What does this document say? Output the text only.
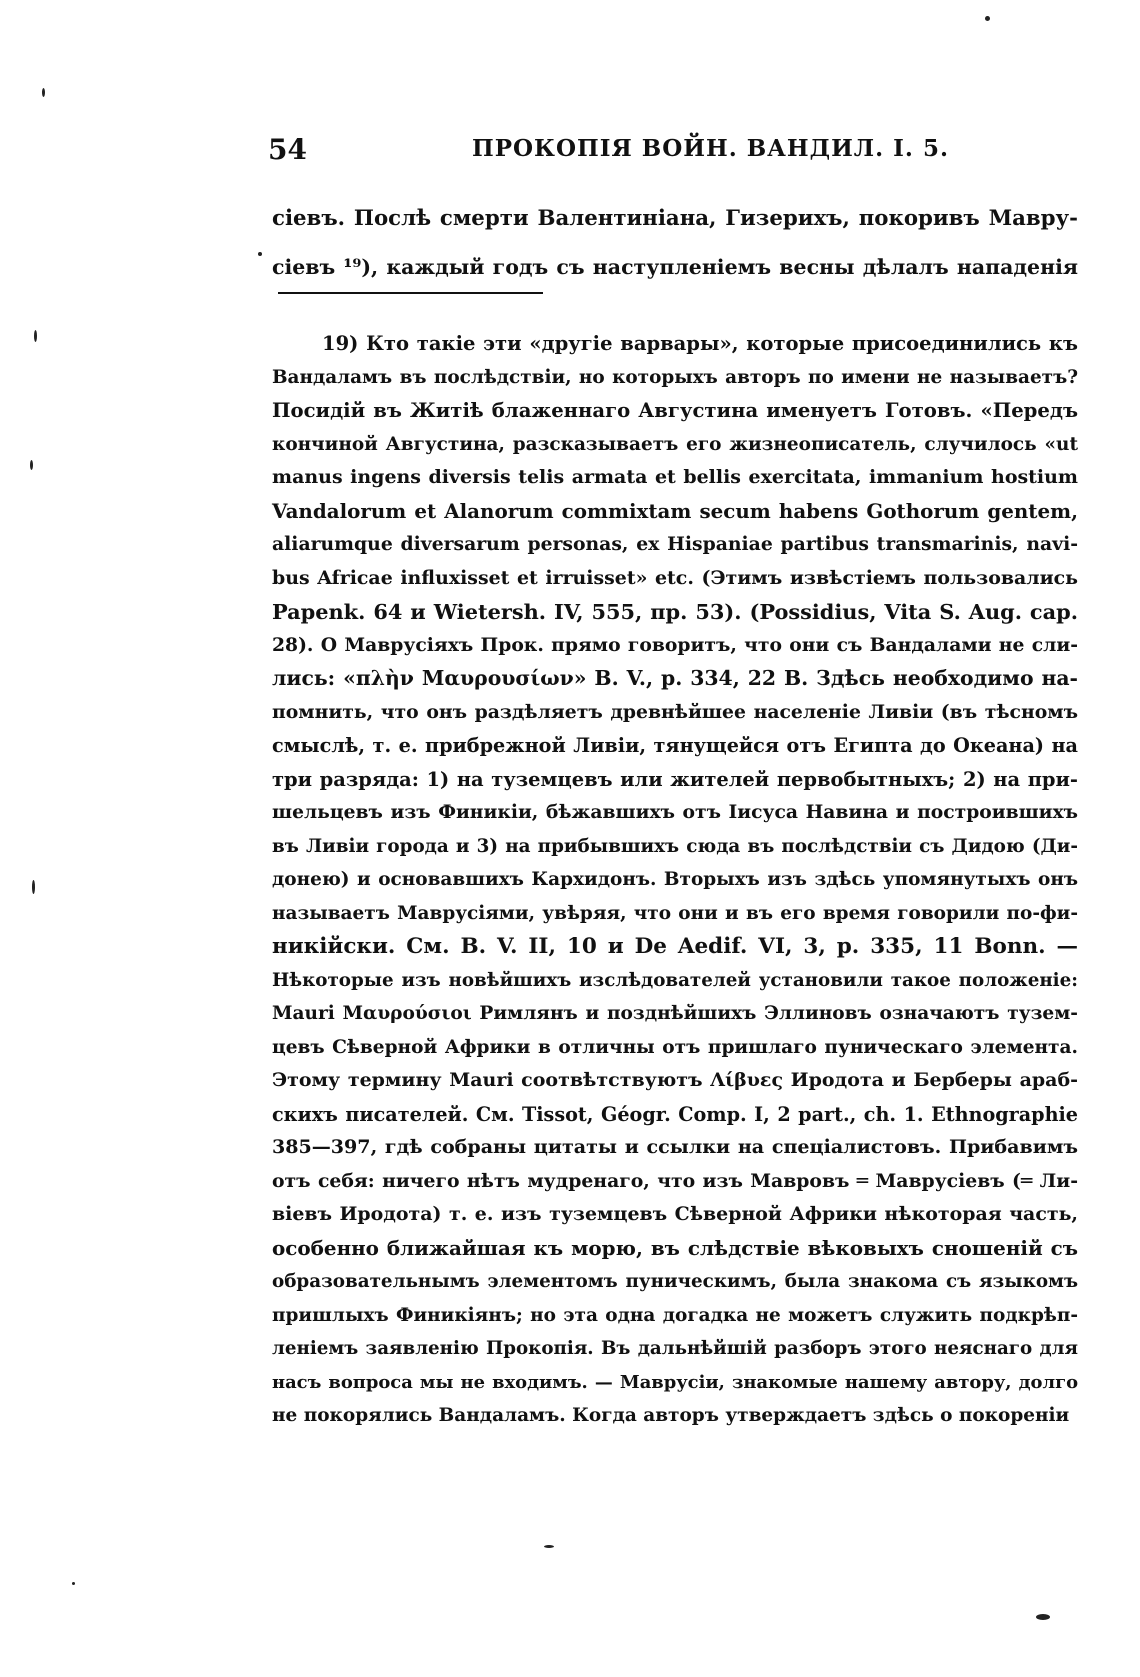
54	ПРОКОПІЯ ВОЙН. ВАНДИЛ. I. 5.
сіевъ. Послѣ смерти Валентиніана, Гизерихъ, покоривъ Мавру-
сіевъ ¹⁹), каждый годъ съ наступленіемъ весны дѣлалъ нападенія
19) Кто такіе эти «другіе варвары», которые присоединились къ
Вандаламъ въ послѣдствіи, но которыхъ авторъ по имени не называетъ?
Посидій въ Житіѣ блаженнаго Августина именуетъ Готовъ. «Передъ
кончиной Августина, разсказываетъ его жизнеописатель, случилось «ut
manus ingens diversis telis armata et bellis exercitata, immanium hostium
Vandalorum et Alanorum commixtam secum habens Gothorum gentem,
aliarumque diversarum personas, ex Hispaniae partibus transmarinis, navi-
bus Africae influxisset et irruisset» etc. (Этимъ извѣстіемъ пользовались
Papenk. 64 и Wietersh. IV, 555, пр. 53). (Possidius, Vita S. Aug. cap.
28). О Маврусіяхъ Прок. прямо говоритъ, что они съ Вандалами не сли-
лись: «πλὴν Μαυρουσίων» B. V., p. 334, 22 B. Здѣсь необходимо на-
помнить, что онъ раздѣляетъ древнѣйшее населеніе Ливіи (въ тѣсномъ
смыслѣ, т. е. прибрежной Ливіи, тянущейся отъ Египта до Океана) на
три разряда: 1) на туземцевъ или жителей первобытныхъ; 2) на при-
шельцевъ изъ Финикіи, бѣжавшихъ отъ Іисуса Навина и построившихъ
въ Ливіи города и 3) на прибывшихъ сюда въ послѣдствіи съ Дидою (Ди-
донею) и основавшихъ Кархидонъ. Вторыхъ изъ здѣсь упомянутыхъ онъ
называетъ Маврусіями, увѣряя, что они и въ его время говорили по-фи-
никійски. См. B. V. II, 10 и De Aedif. VI, 3, p. 335, 11 Bonn. —
Нѣкоторые изъ новѣйшихъ изслѣдователей установили такое положеніе:
Mauri Μαυρούσιοι Римлянъ и позднѣйшихъ Эллиновъ означаютъ тузем-
цевъ Сѣверной Африки в отличны отъ пришлаго пуническаго элемента.
Этому термину Mauri соотвѣтствуютъ Λίβυες Иродота и Берберы араб-
скихъ писателей. См. Tissot, Géogr. Comp. I, 2 part., ch. 1. Ethnographie
385—397, гдѣ собраны цитаты и ссылки на спеціалистовъ. Прибавимъ
отъ себя: ничего нѣтъ мудренаго, что изъ Мавровъ ═ Маврусіевъ (═ Ли-
віевъ Иродота) т. е. изъ туземцевъ Сѣверной Африки нѣкоторая часть,
особенно ближайшая къ морю, въ слѣдствіе вѣковыхъ сношеній съ
образовательнымъ элементомъ пуническимъ, была знакома съ языкомъ
пришлыхъ Финикіянъ; но эта одна догадка не можетъ служить подкрѣп-
леніемъ заявленію Прокопія. Въ дальнѣйшій разборъ этого неяснаго для
насъ вопроса мы не входимъ. — Маврусіи, знакомые нашему автору, долго
не покорялись Вандаламъ. Когда авторъ утверждаетъ здѣсь о покореніи
